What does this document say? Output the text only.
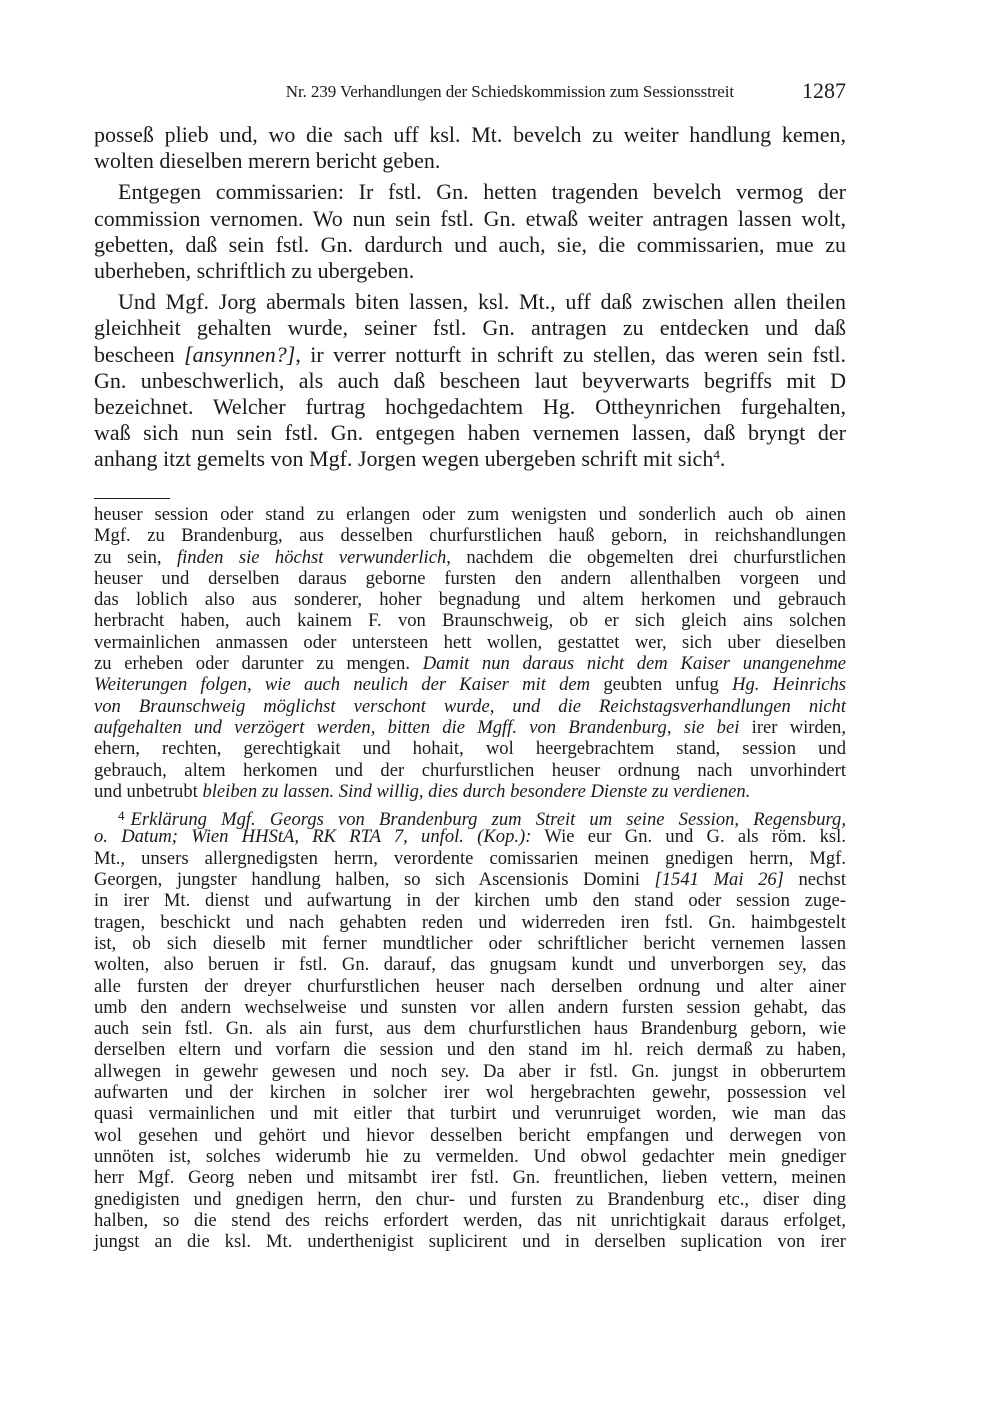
Nr. 239 Verhandlungen der Schiedskommission zum Sessionsstreit	1287
posseß plieb und, wo die sach uff ksl. Mt. bevelch zu weiter handlung kemen,
wolten dieselben merern bericht geben.
Entgegen commissarien: Ir fstl. Gn. hetten tragenden bevelch vermog der
commission vernomen. Wo nun sein fstl. Gn. etwaß weiter antragen lassen wolt,
gebetten, daß sein fstl. Gn. dardurch und auch, sie, die commissarien, mue zu
uberheben, schriftlich zu ubergeben.
Und Mgf. Jorg abermals biten lassen, ksl. Mt., uff daß zwischen allen theilen
gleichheit gehalten wurde, seiner fstl. Gn. antragen zu entdecken und daß
bescheen [ansynnen?], ir verrer notturft in schrift zu stellen, das weren sein fstl.
Gn. unbeschwerlich, als auch daß bescheen laut beyverwarts begriffs mit D
bezeichnet. Welcher furtrag hochgedachtem Hg. Ottheynrichen furgehalten,
waß sich nun sein fstl. Gn. entgegen haben vernemen lassen, daß bryngt der
anhang itzt gemelts von Mgf. Jorgen wegen ubergeben schrift mit sich$^4$.
heuser session oder stand zu erlangen oder zum wenigsten und sonderlich auch ob ainen
Mgf. zu Brandenburg, aus desselben churfurstlichen hauß geborn, in reichshandlungen
zu sein, finden sie höchst verwunderlich, nachdem die obgemelten drei churfurstlichen
heuser und derselben daraus geborne fursten den andern allenthalben vorgeen und
das loblich also aus sonderer, hoher begnadung und altem herkomen und gebrauch
herbracht haben, auch kainem F. von Braunschweig, ob er sich gleich ains solchen
vermainlichen anmassen oder untersteen hett wollen, gestattet wer, sich uber dieselben
zu erheben oder darunter zu mengen. Damit nun daraus nicht dem Kaiser unangenehme
Weiterungen folgen, wie auch neulich der Kaiser mit dem geubten unfug Hg. Heinrichs
von Braunschweig möglichst verschont wurde, und die Reichstagsverhandlungen nicht
aufgehalten und verzögert werden, bitten die Mgff. von Brandenburg, sie bei irer wirden,
ehern, rechten, gerechtigkait und hohait, wol heergebrachtem stand, session und
gebrauch, altem herkomen und der churfurstlichen heuser ordnung nach unvorhindert
und unbetrubt bleiben zu lassen. Sind willig, dies durch besondere Dienste zu verdienen.
$^4$ Erklärung Mgf. Georgs von Brandenburg zum Streit um seine Session, Regensburg,
o. Datum; Wien HHStA, RK RTA 7, unfol. (Kop.): Wie eur Gn. und G. als röm. ksl.
Mt., unsers allergnedigsten herrn, verordente comissarien meinen gnedigen herrn, Mgf.
Georgen, jungster handlung halben, so sich Ascensionis Domini [1541 Mai 26] nechst
in irer Mt. dienst und aufwartung in der kirchen umb den stand oder session zuge-
tragen, beschickt und nach gehabten reden und widerreden iren fstl. Gn. haimbgestelt
ist, ob sich dieselb mit ferner mundtlicher oder schriftlicher bericht vernemen lassen
wolten, also beruen ir fstl. Gn. darauf, das gnugsam kundt und unverborgen sey, das
alle fursten der dreyer churfurstlichen heuser nach derselben ordnung und alter ainer
umb den andern wechselweise und sunsten vor allen andern fursten session gehabt, das
auch sein fstl. Gn. als ain furst, aus dem churfurstlichen haus Brandenburg geborn, wie
derselben eltern und vorfarn die session und den stand im hl. reich dermaß zu haben,
allwegen in gewehr gewesen und noch sey. Da aber ir fstl. Gn. jungst in obberurtem
aufwarten und der kirchen in solcher irer wol hergebrachten gewehr, possession vel
quasi vermainlichen und mit eitler that turbirt und verunruiget worden, wie man das
wol gesehen und gehört und hievor desselben bericht empfangen und derwegen von
unnöten ist, solches widerumb hie zu vermelden. Und obwol gedachter mein gnediger
herr Mgf. Georg neben und mitsambt irer fstl. Gn. freuntlichen, lieben vettern, meinen
gnedigisten und gnedigen herrn, den chur- und fursten zu Brandenburg etc., diser ding
halben, so die stend des reichs erfordert werden, das nit unrichtigkait daraus erfolget,
jungst an die ksl. Mt. underthenigist suplicirent und in derselben suplication von irer
